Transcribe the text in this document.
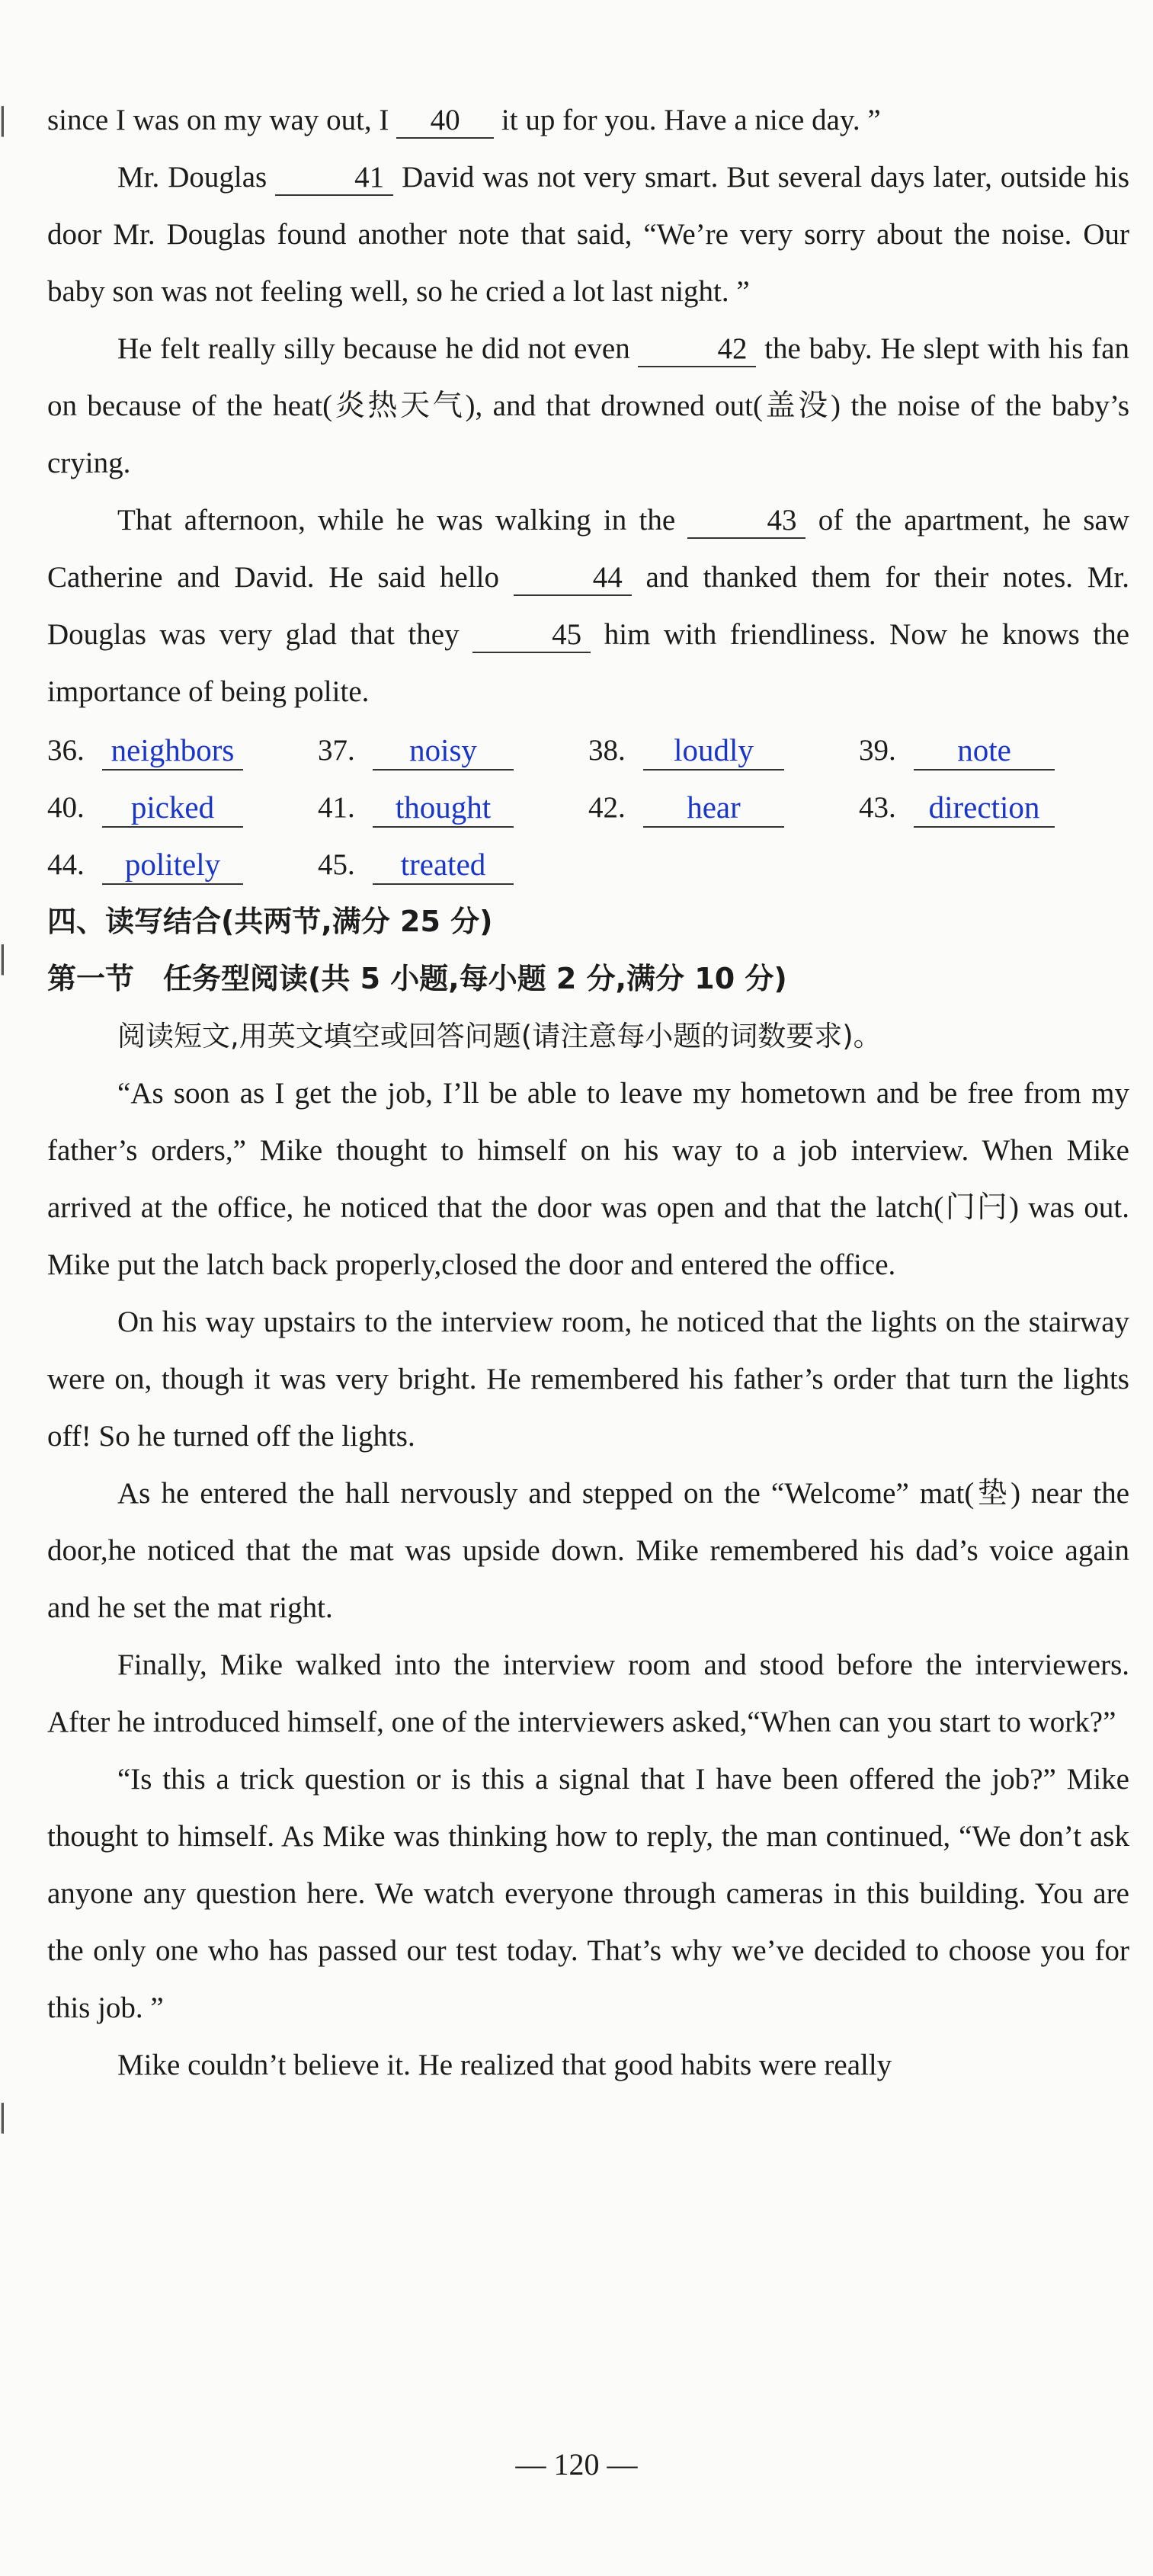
▏
▏
▏

since I was on my way out, I 40 it up for you. Have a nice day. ”

Mr. Douglas	41 David was not very smart. But several days later, outside his door Mr. Douglas found another note that said, “We’re very sorry about the noise. Our baby son was not feeling well, so he cried a lot last night. ”

He felt really silly because he did not even	42 the baby. He slept with his fan on because of the heat(炎热天气), and that drowned out(盖没) the noise of the baby’s crying.

That afternoon, while he was walking in the	43 of the apartment, he saw Catherine and David. He said hello	44 and thanked them for their notes. Mr. Douglas was very glad that they	45 him with friendliness. Now he knows the importance of being polite.

36. neighbors	37.	noisy	38.	loudly	39.	note
40.	picked	41.	thought	42.	hear	43.	direction
44.	politely	45.	treated

四、读写结合(共两节,满分 25 分)

第一节　任务型阅读(共 5 小题,每小题 2 分,满分 10 分)

阅读短文,用英文填空或回答问题(请注意每小题的词数要求)。

“As soon as I get the job, I’ll be able to leave my hometown and be free from my father’s orders,” Mike thought to himself on his way to a job interview. When Mike arrived at the office, he noticed that the door was open and that the latch(门闩) was out. Mike put the latch back properly,closed the door and entered the office.

On his way upstairs to the interview room, he noticed that the lights on the stairway were on, though it was very bright. He remembered his father’s order that turn the lights off! So he turned off the lights.

As he entered the hall nervously and stepped on the “Welcome” mat(垫) near the door,he noticed that the mat was upside down. Mike remembered his dad’s voice again and he set the mat right.

Finally, Mike walked into the interview room and stood before the interviewers. After he introduced himself, one of the interviewers asked,“When can you start to work?”

“Is this a trick question or is this a signal that I have been offered the job?” Mike thought to himself. As Mike was thinking how to reply, the man continued, “We don’t ask anyone any question here. We watch everyone through cameras in this building. You are the only one who has passed our test today. That’s why we’ve decided to choose you for this job. ”

Mike couldn’t believe it. He realized that good habits were really

— 120 —
